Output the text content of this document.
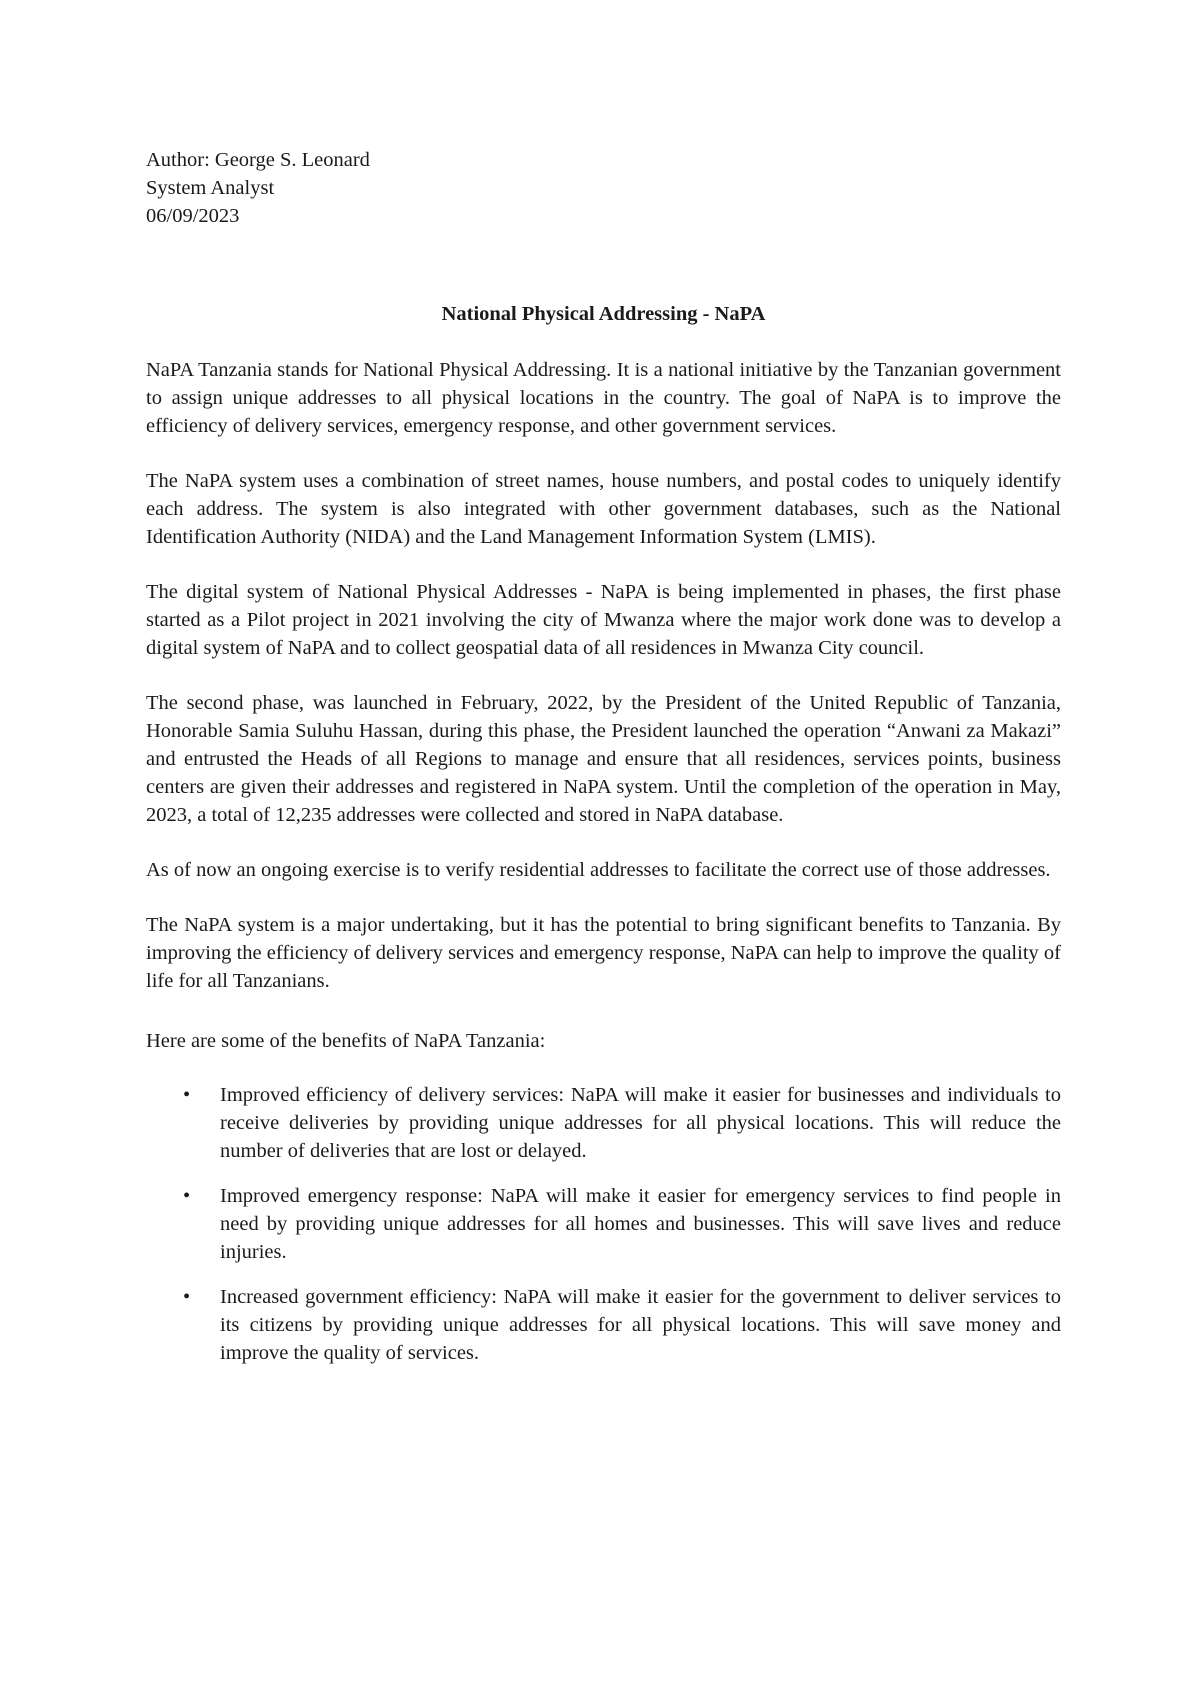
Author: George S. Leonard

System Analyst

06/09/2023

National Physical Addressing - NaPA

NaPA Tanzania stands for National Physical Addressing. It is a national initiative by the Tanzanian government to assign unique addresses to all physical locations in the country. The goal of NaPA is to improve the efficiency of delivery services, emergency response, and other government services.

The NaPA system uses a combination of street names, house numbers, and postal codes to uniquely identify each address. The system is also integrated with other government databases, such as the National Identification Authority (NIDA) and the Land Management Information System (LMIS).

The digital system of National Physical Addresses - NaPA is being implemented in phases, the first phase started as a Pilot project in 2021 involving the city of Mwanza where the major work done was to develop a digital system of NaPA and to collect geospatial data of all residences in Mwanza City council.

The second phase, was launched in February, 2022, by the President of the United Republic of Tanzania, Honorable Samia Suluhu Hassan, during this phase, the President launched the operation “Anwani za Makazi” and entrusted the Heads of all Regions to manage and ensure that all residences, services points, business centers are given their addresses and registered in NaPA system. Until the completion of the operation in May, 2023, a total of 12,235 addresses were collected and stored in NaPA database.

As of now an ongoing exercise is to verify residential addresses to facilitate the correct use of those addresses.

The NaPA system is a major undertaking, but it has the potential to bring significant benefits to Tanzania. By improving the efficiency of delivery services and emergency response, NaPA can help to improve the quality of life for all Tanzanians.

Here are some of the benefits of NaPA Tanzania:

• Improved efficiency of delivery services: NaPA will make it easier for businesses and individuals to receive deliveries by providing unique addresses for all physical locations. This will reduce the number of deliveries that are lost or delayed.
• Improved emergency response: NaPA will make it easier for emergency services to find people in need by providing unique addresses for all homes and businesses. This will save lives and reduce injuries.
• Increased government efficiency: NaPA will make it easier for the government to deliver services to its citizens by providing unique addresses for all physical locations. This will save money and improve the quality of services.
